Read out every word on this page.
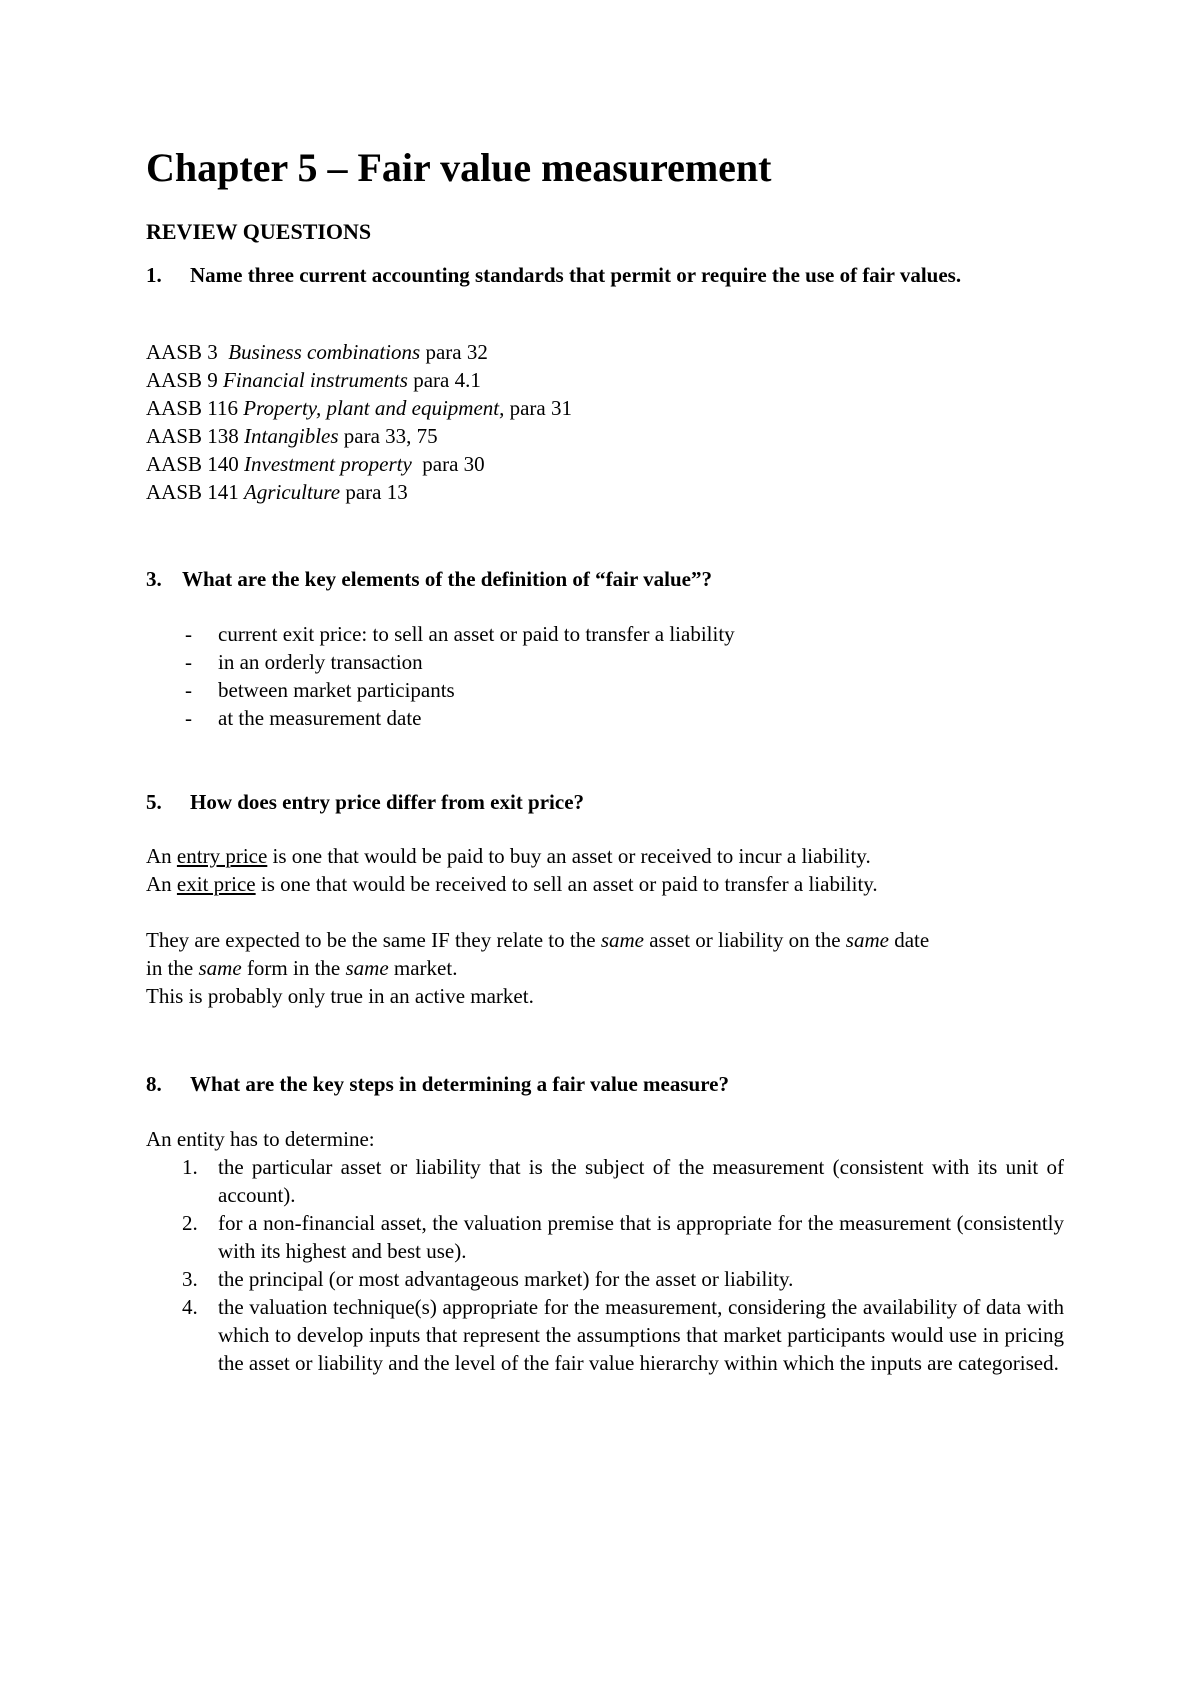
Chapter 5 – Fair value measurement
REVIEW QUESTIONS
1. Name three current accounting standards that permit or require the use of fair values.
AASB 3 Business combinations para 32
AASB 9 Financial instruments para 4.1
AASB 116 Property, plant and equipment, para 31
AASB 138 Intangibles para 33, 75
AASB 140 Investment property para 30
AASB 141 Agriculture para 13
3. What are the key elements of the definition of “fair value”?
- current exit price: to sell an asset or paid to transfer a liability
- in an orderly transaction
- between market participants
- at the measurement date
5. How does entry price differ from exit price?
An entry price is one that would be paid to buy an asset or received to incur a liability.
An exit price is one that would be received to sell an asset or paid to transfer a liability.
They are expected to be the same IF they relate to the same asset or liability on the same date
in the same form in the same market.
This is probably only true in an active market.
8. What are the key steps in determining a fair value measure?
An entity has to determine:
1. the particular asset or liability that is the subject of the measurement (consistent with its unit of account).
2. for a non-financial asset, the valuation premise that is appropriate for the measurement (consistently with its highest and best use).
3. the principal (or most advantageous market) for the asset or liability.
4. the valuation technique(s) appropriate for the measurement, considering the availability of data with which to develop inputs that represent the assumptions that market participants would use in pricing the asset or liability and the level of the fair value hierarchy within which the inputs are categorised.
